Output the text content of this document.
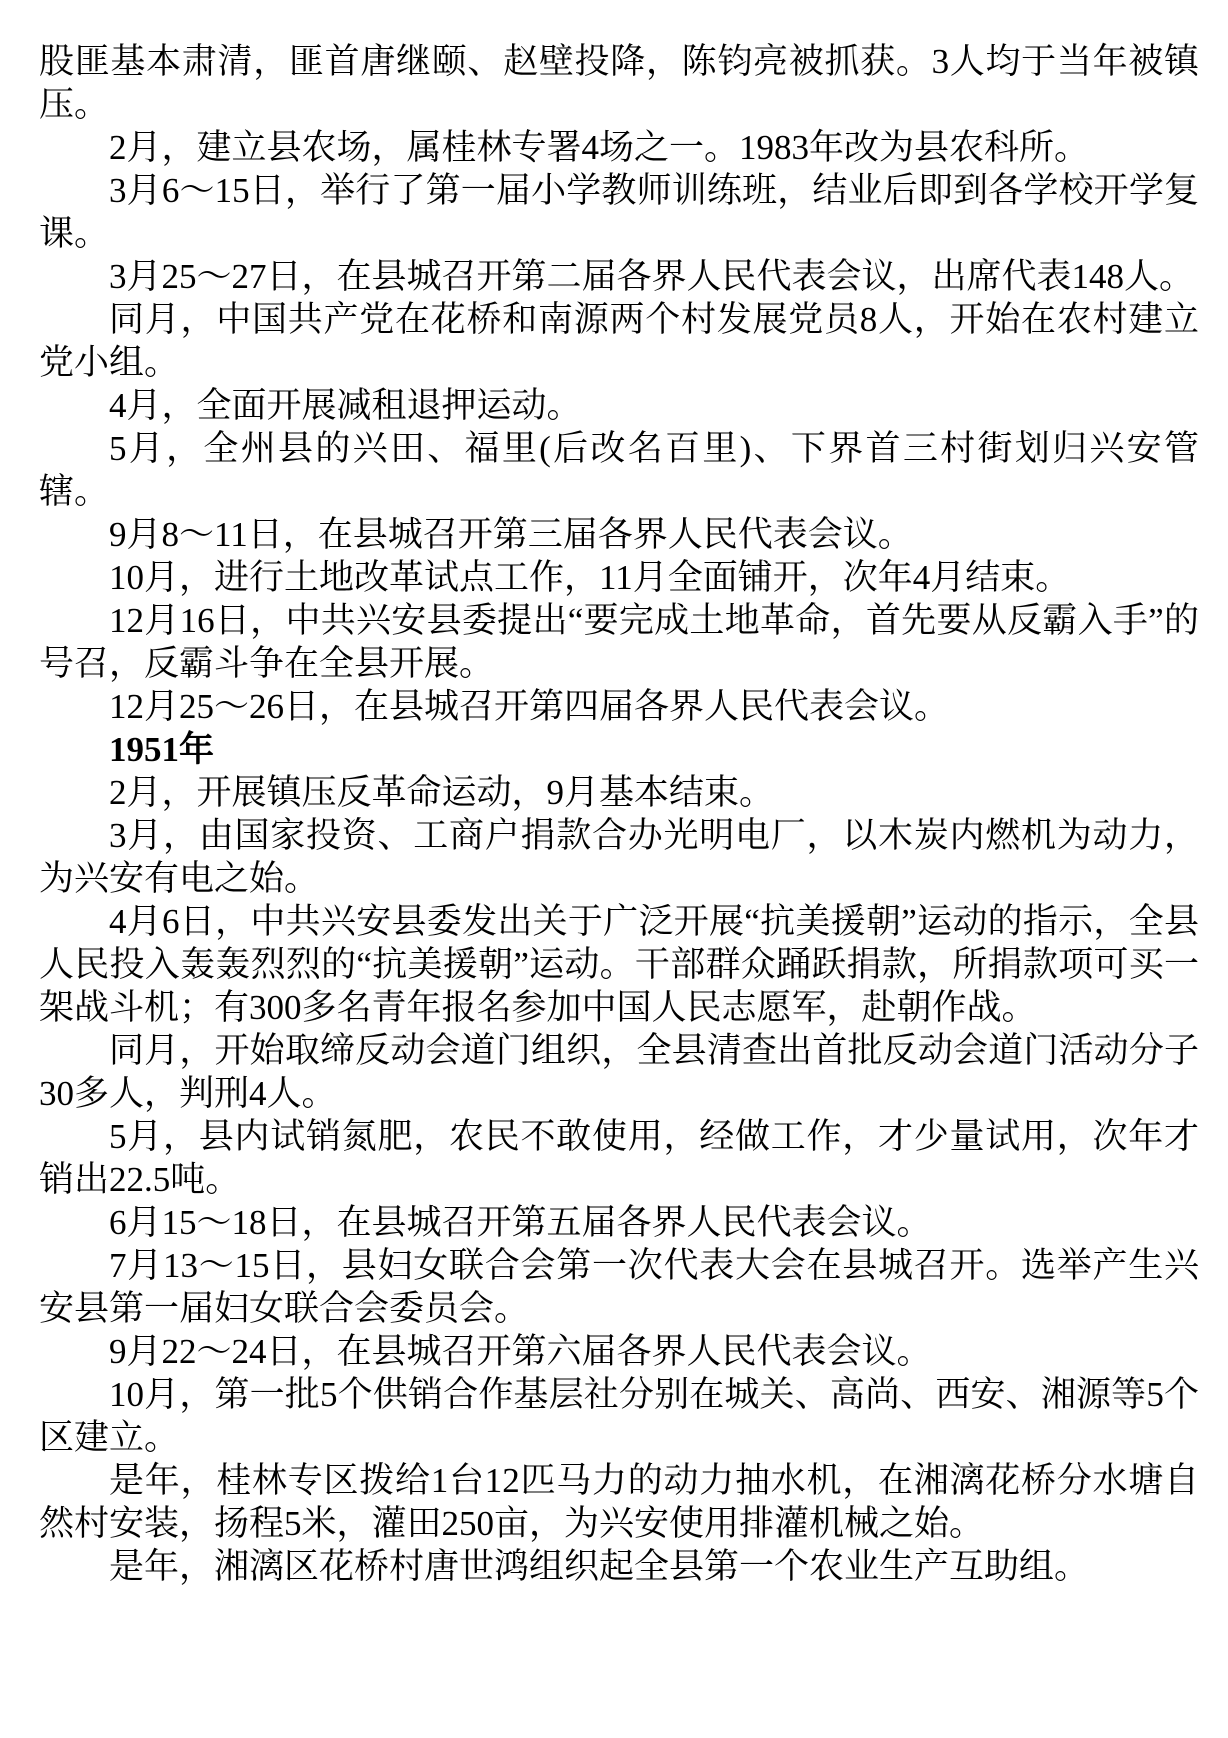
股匪基本肃清，匪首唐继颐、赵壁投降，陈钧亮被抓获。3人均于当年被镇压。

2月，建立县农场，属桂林专署4场之一。1983年改为县农科所。

3月6～15日，举行了第一届小学教师训练班，结业后即到各学校开学复课。

3月25～27日，在县城召开第二届各界人民代表会议，出席代表148人。

同月，中国共产党在花桥和南源两个村发展党员8人，开始在农村建立党小组。

4月，全面开展减租退押运动。

5月，全州县的兴田、福里(后改名百里)、下界首三村街划归兴安管辖。

9月8～11日，在县城召开第三届各界人民代表会议。

10月，进行土地改革试点工作，11月全面铺开，次年4月结束。

12月16日，中共兴安县委提出“要完成土地革命，首先要从反霸入手”的号召，反霸斗争在全县开展。

12月25～26日，在县城召开第四届各界人民代表会议。

1951年

2月，开展镇压反革命运动，9月基本结束。

3月，由国家投资、工商户捐款合办光明电厂，以木炭内燃机为动力，为兴安有电之始。

4月6日，中共兴安县委发出关于广泛开展“抗美援朝”运动的指示，全县人民投入轰轰烈烈的“抗美援朝”运动。干部群众踊跃捐款，所捐款项可买一架战斗机；有300多名青年报名参加中国人民志愿军，赴朝作战。

同月，开始取缔反动会道门组织，全县清查出首批反动会道门活动分子30多人，判刑4人。

5月，县内试销氮肥，农民不敢使用，经做工作，才少量试用，次年才销出22.5吨。

6月15～18日，在县城召开第五届各界人民代表会议。

7月13～15日，县妇女联合会第一次代表大会在县城召开。选举产生兴安县第一届妇女联合会委员会。

9月22～24日，在县城召开第六届各界人民代表会议。

10月，第一批5个供销合作基层社分别在城关、高尚、西安、湘源等5个区建立。

是年，桂林专区拨给1台12匹马力的动力抽水机，在湘漓花桥分水塘自然村安装，扬程5米，灌田250亩，为兴安使用排灌机械之始。

是年，湘漓区花桥村唐世鸿组织起全县第一个农业生产互助组。
